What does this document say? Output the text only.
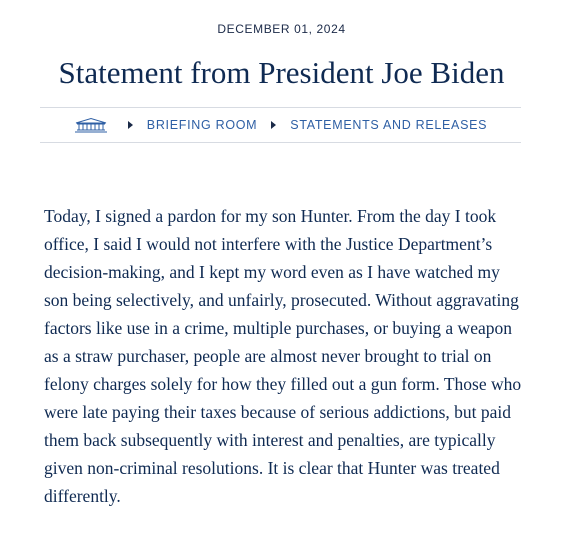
DECEMBER 01, 2024
Statement from President Joe Biden
BRIEFING ROOM	STATEMENTS AND RELEASES

Today, I signed a pardon for my son Hunter. From the day I took office, I said I would not interfere with the Justice Department’s decision-making, and I kept my word even as I have watched my son being selectively, and unfairly, prosecuted. Without aggravating factors like use in a crime, multiple purchases, or buying a weapon as a straw purchaser, people are almost never brought to trial on felony charges solely for how they filled out a gun form. Those who were late paying their taxes because of serious addictions, but paid them back subsequently with interest and penalties, are typically given non-criminal resolutions. It is clear that Hunter was treated differently.
